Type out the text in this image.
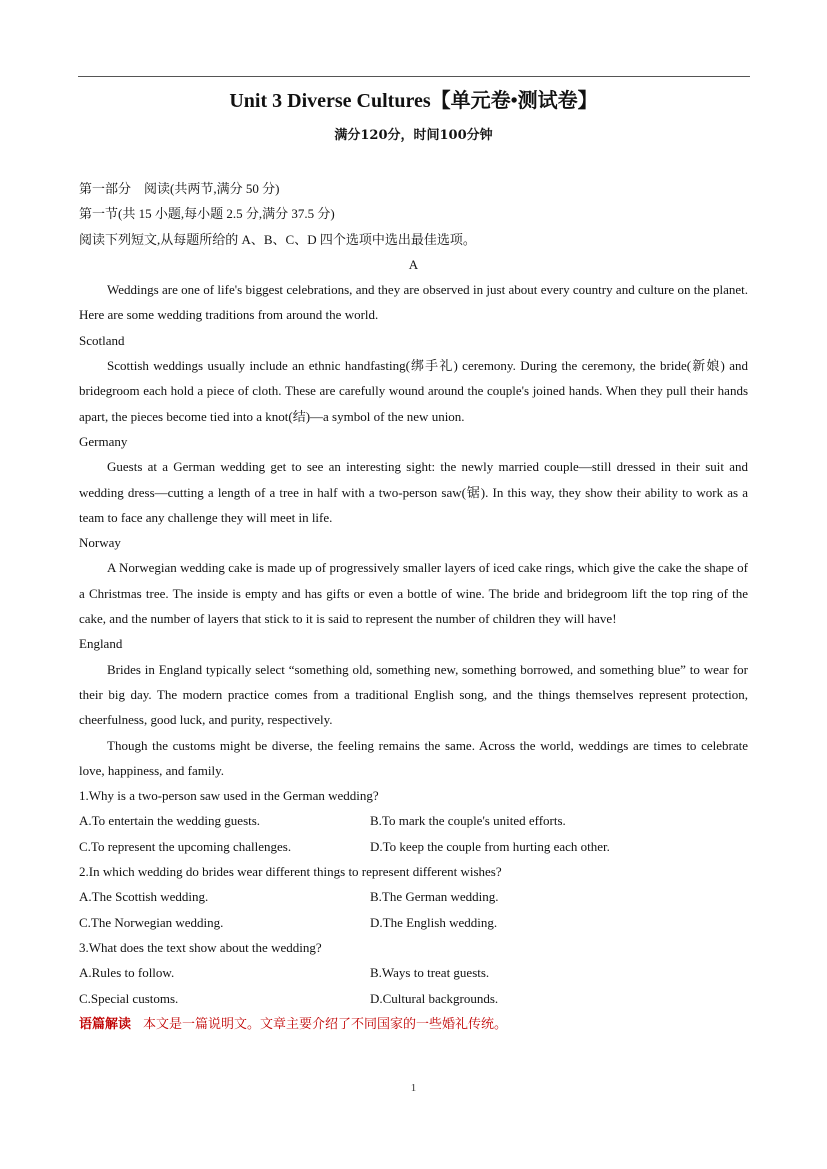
Unit 3 Diverse Cultures【单元卷•测试卷】
满分120分，时间100分钟

第一部分　阅读(共两节,满分 50 分)

第一节(共 15 小题,每小题 2.5 分,满分 37.5 分)

阅读下列短文,从每题所给的 A、B、C、D 四个选项中选出最佳选项。

A

Weddings are one of life's biggest celebrations, and they are observed in just about every country and culture on the planet. Here are some wedding traditions from around the world.

Scotland

Scottish weddings usually include an ethnic handfasting(绑手礼) ceremony. During the ceremony, the bride(新娘) and bridegroom each hold a piece of cloth. These are carefully wound around the couple's joined hands. When they pull their hands apart, the pieces become tied into a knot(结)—a symbol of the new union.

Germany

Guests at a German wedding get to see an interesting sight: the newly married couple—still dressed in their suit and wedding dress—cutting a length of a tree in half with a two-person saw(锯). In this way, they show their ability to work as a team to face any challenge they will meet in life.

Norway

A Norwegian wedding cake is made up of progressively smaller layers of iced cake rings, which give the cake the shape of a Christmas tree. The inside is empty and has gifts or even a bottle of wine. The bride and bridegroom lift the top ring of the cake, and the number of layers that stick to it is said to represent the number of children they will have!

England

Brides in England typically select “something old, something new, something borrowed, and something blue” to wear for their big day. The modern practice comes from a traditional English song, and the things themselves represent protection, cheerfulness, good luck, and purity, respectively.

Though the customs might be diverse, the feeling remains the same. Across the world, weddings are times to celebrate love, happiness, and family.

1.Why is a two-person saw used in the German wedding?

A.To entertain the wedding guests.	B.To mark the couple's united efforts.
C.To represent the upcoming challenges.	D.To keep the couple from hurting each other.

2.In which wedding do brides wear different things to represent different wishes?

A.The Scottish wedding.	B.The German wedding.
C.The Norwegian wedding.	D.The English wedding.

3.What does the text show about the wedding?

A.Rules to follow.	B.Ways to treat guests.
C.Special customs.	D.Cultural backgrounds.

语篇解读 本文是一篇说明文。文章主要介绍了不同国家的一些婚礼传统。

1
